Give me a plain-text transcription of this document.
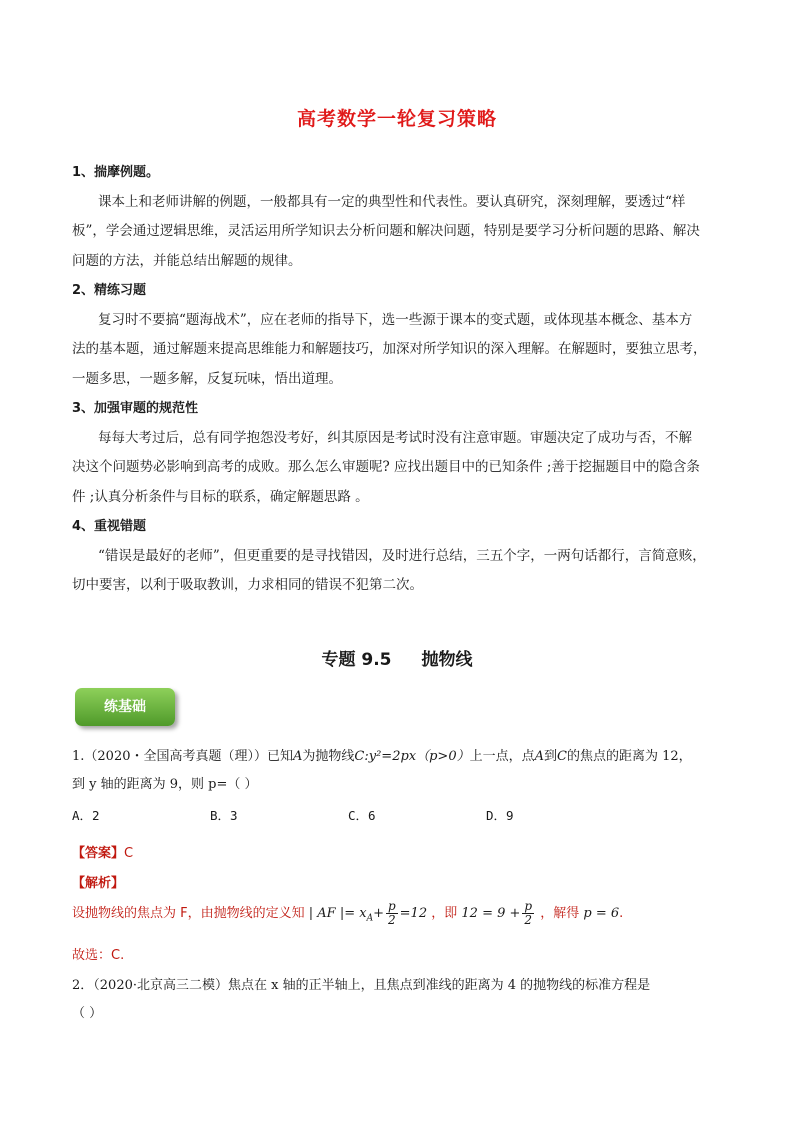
高考数学一轮复习策略
1、揣摩例题。
课本上和老师讲解的例题，一般都具有一定的典型性和代表性。要认真研究，深刻理解，要透过“样
板”，学会通过逻辑思维，灵活运用所学知识去分析问题和解决问题，特别是要学习分析问题的思路、解决
问题的方法，并能总结出解题的规律。
2、精练习题
复习时不要搞“题海战术”，应在老师的指导下，选一些源于课本的变式题，或体现基本概念、基本方
法的基本题，通过解题来提高思维能力和解题技巧，加深对所学知识的深入理解。在解题时，要独立思考，
一题多思，一题多解，反复玩味，悟出道理。
3、加强审题的规范性
每每大考过后，总有同学抱怨没考好，纠其原因是考试时没有注意审题。审题决定了成功与否，不解
决这个问题势必影响到高考的成败。那么怎么审题呢? 应找出题目中的已知条件 ;善于挖掘题目中的隐含条
件 ;认真分析条件与目标的联系，确定解题思路 。
4、重视错题
“错误是最好的老师”，但更重要的是寻找错因，及时进行总结，三五个字，一两句话都行，言简意赅，
切中要害，以利于吸取教训，力求相同的错误不犯第二次。
专题 9.5 抛物线
练基础
1.（2020・全国高考真题（理））已知A为抛物线C:y²=2px（p>0）上一点，点A到C的焦点的距离为 12，
到 y 轴的距离为 9，则 p=（ ）
A．2	B．3	C．6	D．9
【答案】C
【解析】
设抛物线的焦点为 F，由抛物线的定义知 | AF |= $x_A+ \frac{p}{2} =12$ ，即 $12 = 9 + \frac{p}{2}$ ，解得 p = 6.
故选：C.
2．（2020·北京高三二模）焦点在 x 轴的正半轴上，且焦点到准线的距离为 4 的抛物线的标准方程是
（ ）
